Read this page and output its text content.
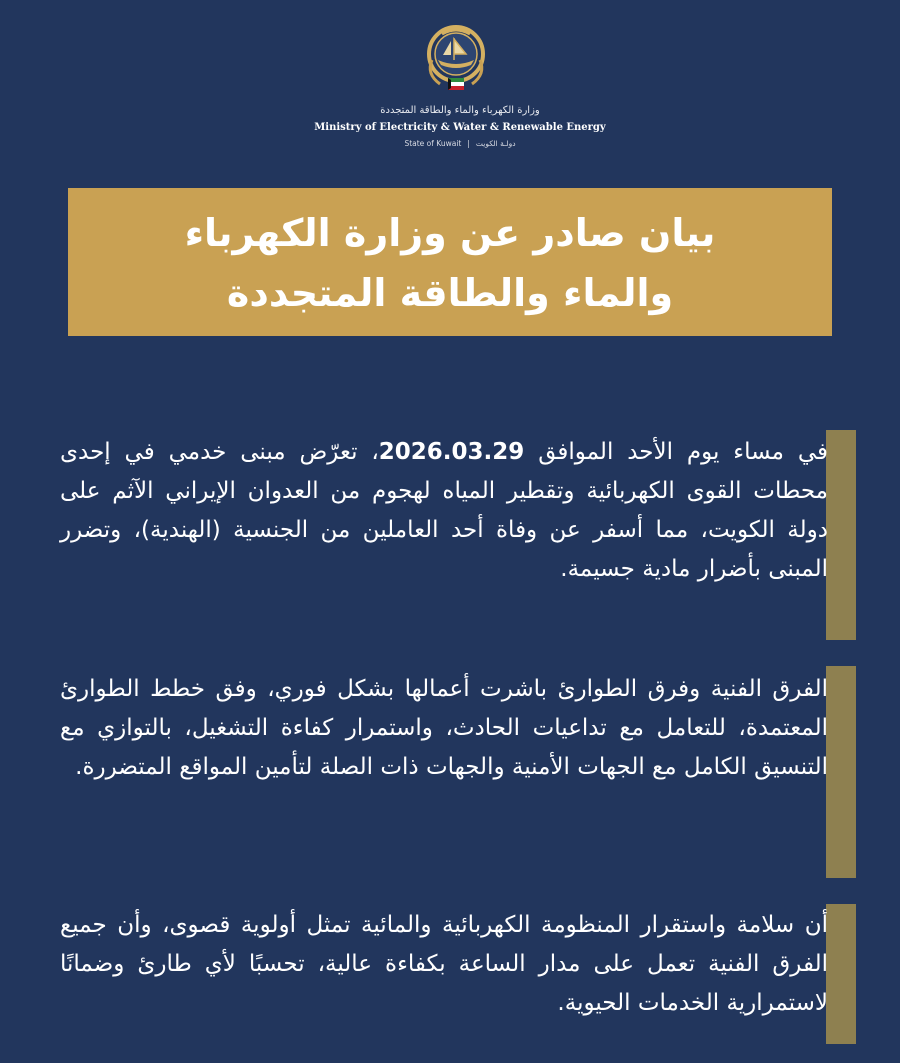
وزارة الكهرباء والماء والطاقة المتجددة
Ministry of Electricity & Water & Renewable Energy
State of Kuwait | دولـة الكويت
بيان صادر عن وزارة الكهرباء
والماء والطاقة المتجددة
في مساء يوم الأحد الموافق 2026.03.29، تعرّض مبنى خدمي في إحدى محطات القوى الكهربائية وتقطير المياه لهجوم من العدوان الإيراني الآثم على دولة الكويت، مما أسفر عن وفاة أحد العاملين من الجنسية (الهندية)، وتضرر المبنى بأضرار مادية جسيمة.
الفرق الفنية وفرق الطوارئ باشرت أعمالها بشكل فوري، وفق خطط الطوارئ المعتمدة، للتعامل مع تداعيات الحادث، واستمرار كفاءة التشغيل، بالتوازي مع التنسيق الكامل مع الجهات الأمنية والجهات ذات الصلة لتأمين المواقع المتضررة.
أن سلامة واستقرار المنظومة الكهربائية والمائية تمثل أولوية قصوى، وأن جميع الفرق الفنية تعمل على مدار الساعة بكفاءة عالية، تحسبًا لأي طارئ وضمانًا لاستمرارية الخدمات الحيوية.
